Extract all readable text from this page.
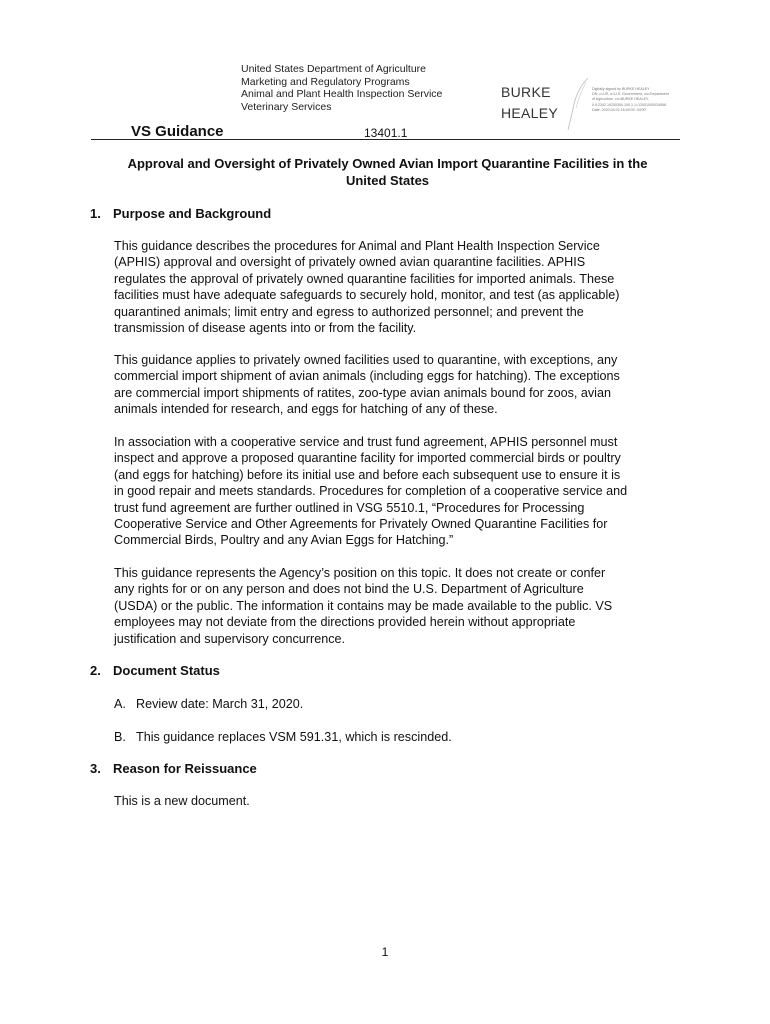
United States Department of Agriculture
Marketing and Regulatory Programs
Animal and Plant Health Inspection Service
Veterinary Services
BURKE
HEALEY
Digitally signed by BURKE HEALEY
DN: c=US, o=U.S. Government, ou=Department
of Agriculture, cn=BURKE HEALEY,
0.9.2342.19200300.100.1.1=12001000034958
Date: 2020.04.02 16:49:09 -04'00'
VS Guidance	13401.1
Approval and Oversight of Privately Owned Avian Import Quarantine Facilities in the
United States
1. Purpose and Background
This guidance describes the procedures for Animal and Plant Health Inspection Service
(APHIS) approval and oversight of privately owned avian quarantine facilities. APHIS
regulates the approval of privately owned quarantine facilities for imported animals. These
facilities must have adequate safeguards to securely hold, monitor, and test (as applicable)
quarantined animals; limit entry and egress to authorized personnel; and prevent the
transmission of disease agents into or from the facility.
This guidance applies to privately owned facilities used to quarantine, with exceptions, any
commercial import shipment of avian animals (including eggs for hatching). The exceptions
are commercial import shipments of ratites, zoo-type avian animals bound for zoos, avian
animals intended for research, and eggs for hatching of any of these.
In association with a cooperative service and trust fund agreement, APHIS personnel must
inspect and approve a proposed quarantine facility for imported commercial birds or poultry
(and eggs for hatching) before its initial use and before each subsequent use to ensure it is
in good repair and meets standards. Procedures for completion of a cooperative service and
trust fund agreement are further outlined in VSG 5510.1, “Procedures for Processing
Cooperative Service and Other Agreements for Privately Owned Quarantine Facilities for
Commercial Birds, Poultry and any Avian Eggs for Hatching.”
This guidance represents the Agency’s position on this topic. It does not create or confer
any rights for or on any person and does not bind the U.S. Department of Agriculture
(USDA) or the public. The information it contains may be made available to the public. VS
employees may not deviate from the directions provided herein without appropriate
justification and supervisory concurrence.
2. Document Status
A. Review date: March 31, 2020.
B. This guidance replaces VSM 591.31, which is rescinded.
3. Reason for Reissuance
This is a new document.
1
